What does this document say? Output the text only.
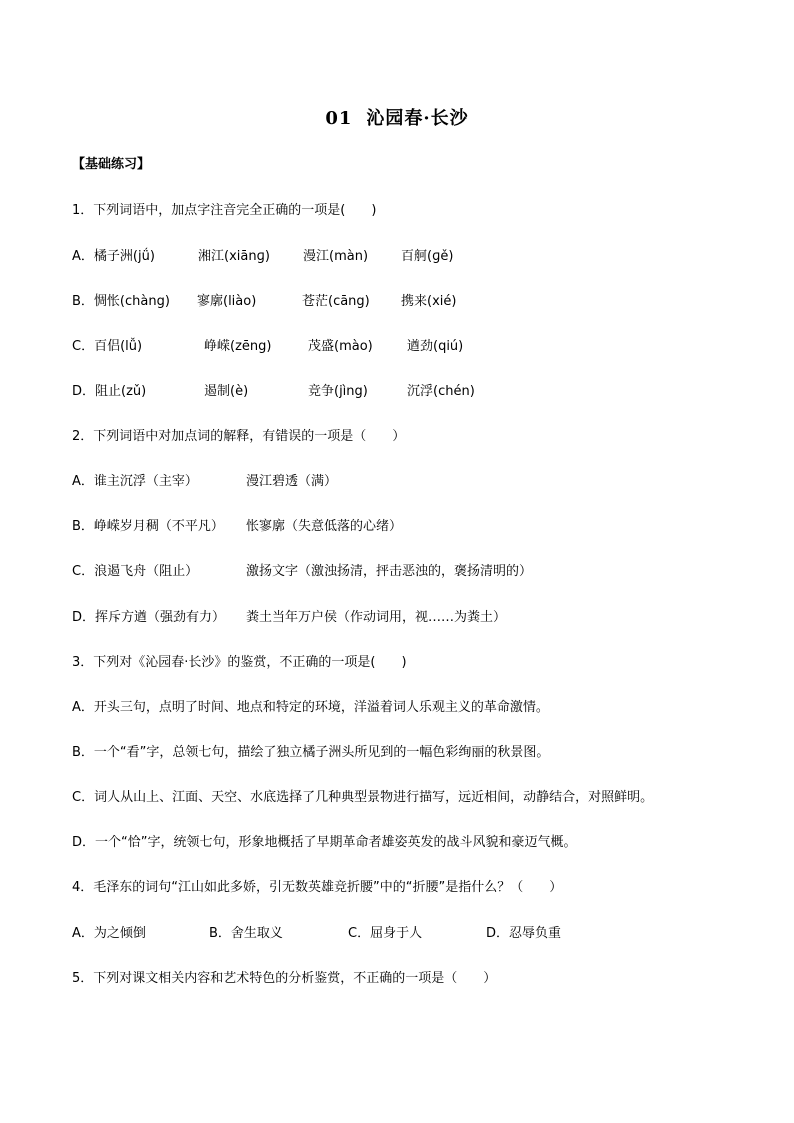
01 沁园春·长沙
【基础练习】
1．下列词语中，加点字注音完全正确的一项是(　　)
A．橘子洲(jǘ)	湘江(xiānɡ)	漫江(màn)	百舸(ɡě)
B．惆怅(chàng) 寥廓(liào)	苍茫(cāng) 携来(xié)
C．百侣(lǚ)	峥嵘(zēng)	茂盛(mào)	遒劲(qiú)
D．阻止(zǔ)	遏制(è)	竞争(jìng)	沉浮(chén)
2．下列词语中对加点词的解释，有错误的一项是（　　）
A．谁主沉浮（主宰）	漫江碧透（满）
B．峥嵘岁月稠（不平凡） 怅寥廓（失意低落的心绪）
C．浪遏飞舟（阻止）	激扬文字（激浊扬清，抨击恶浊的，褒扬清明的）
D．挥斥方遒（强劲有力） 粪土当年万户侯（作动词用，视……为粪土）
3．下列对《沁园春·长沙》的鉴赏，不正确的一项是(　　)
A．开头三句，点明了时间、地点和特定的环境，洋溢着词人乐观主义的革命激情。
B．一个“看”字，总领七句，描绘了独立橘子洲头所见到的一幅色彩绚丽的秋景图。
C．词人从山上、江面、天空、水底选择了几种典型景物进行描写，远近相间，动静结合，对照鲜明。
D．一个“恰”字，统领七句，形象地概括了早期革命者雄姿英发的战斗风貌和豪迈气概。
4．毛泽东的词句“江山如此多娇，引无数英雄竞折腰”中的“折腰”是指什么？（　　）
A．为之倾倒	B．舍生取义	C．屈身于人	D．忍辱负重
5．下列对课文相关内容和艺术特色的分析鉴赏，不正确的一项是（　　）
